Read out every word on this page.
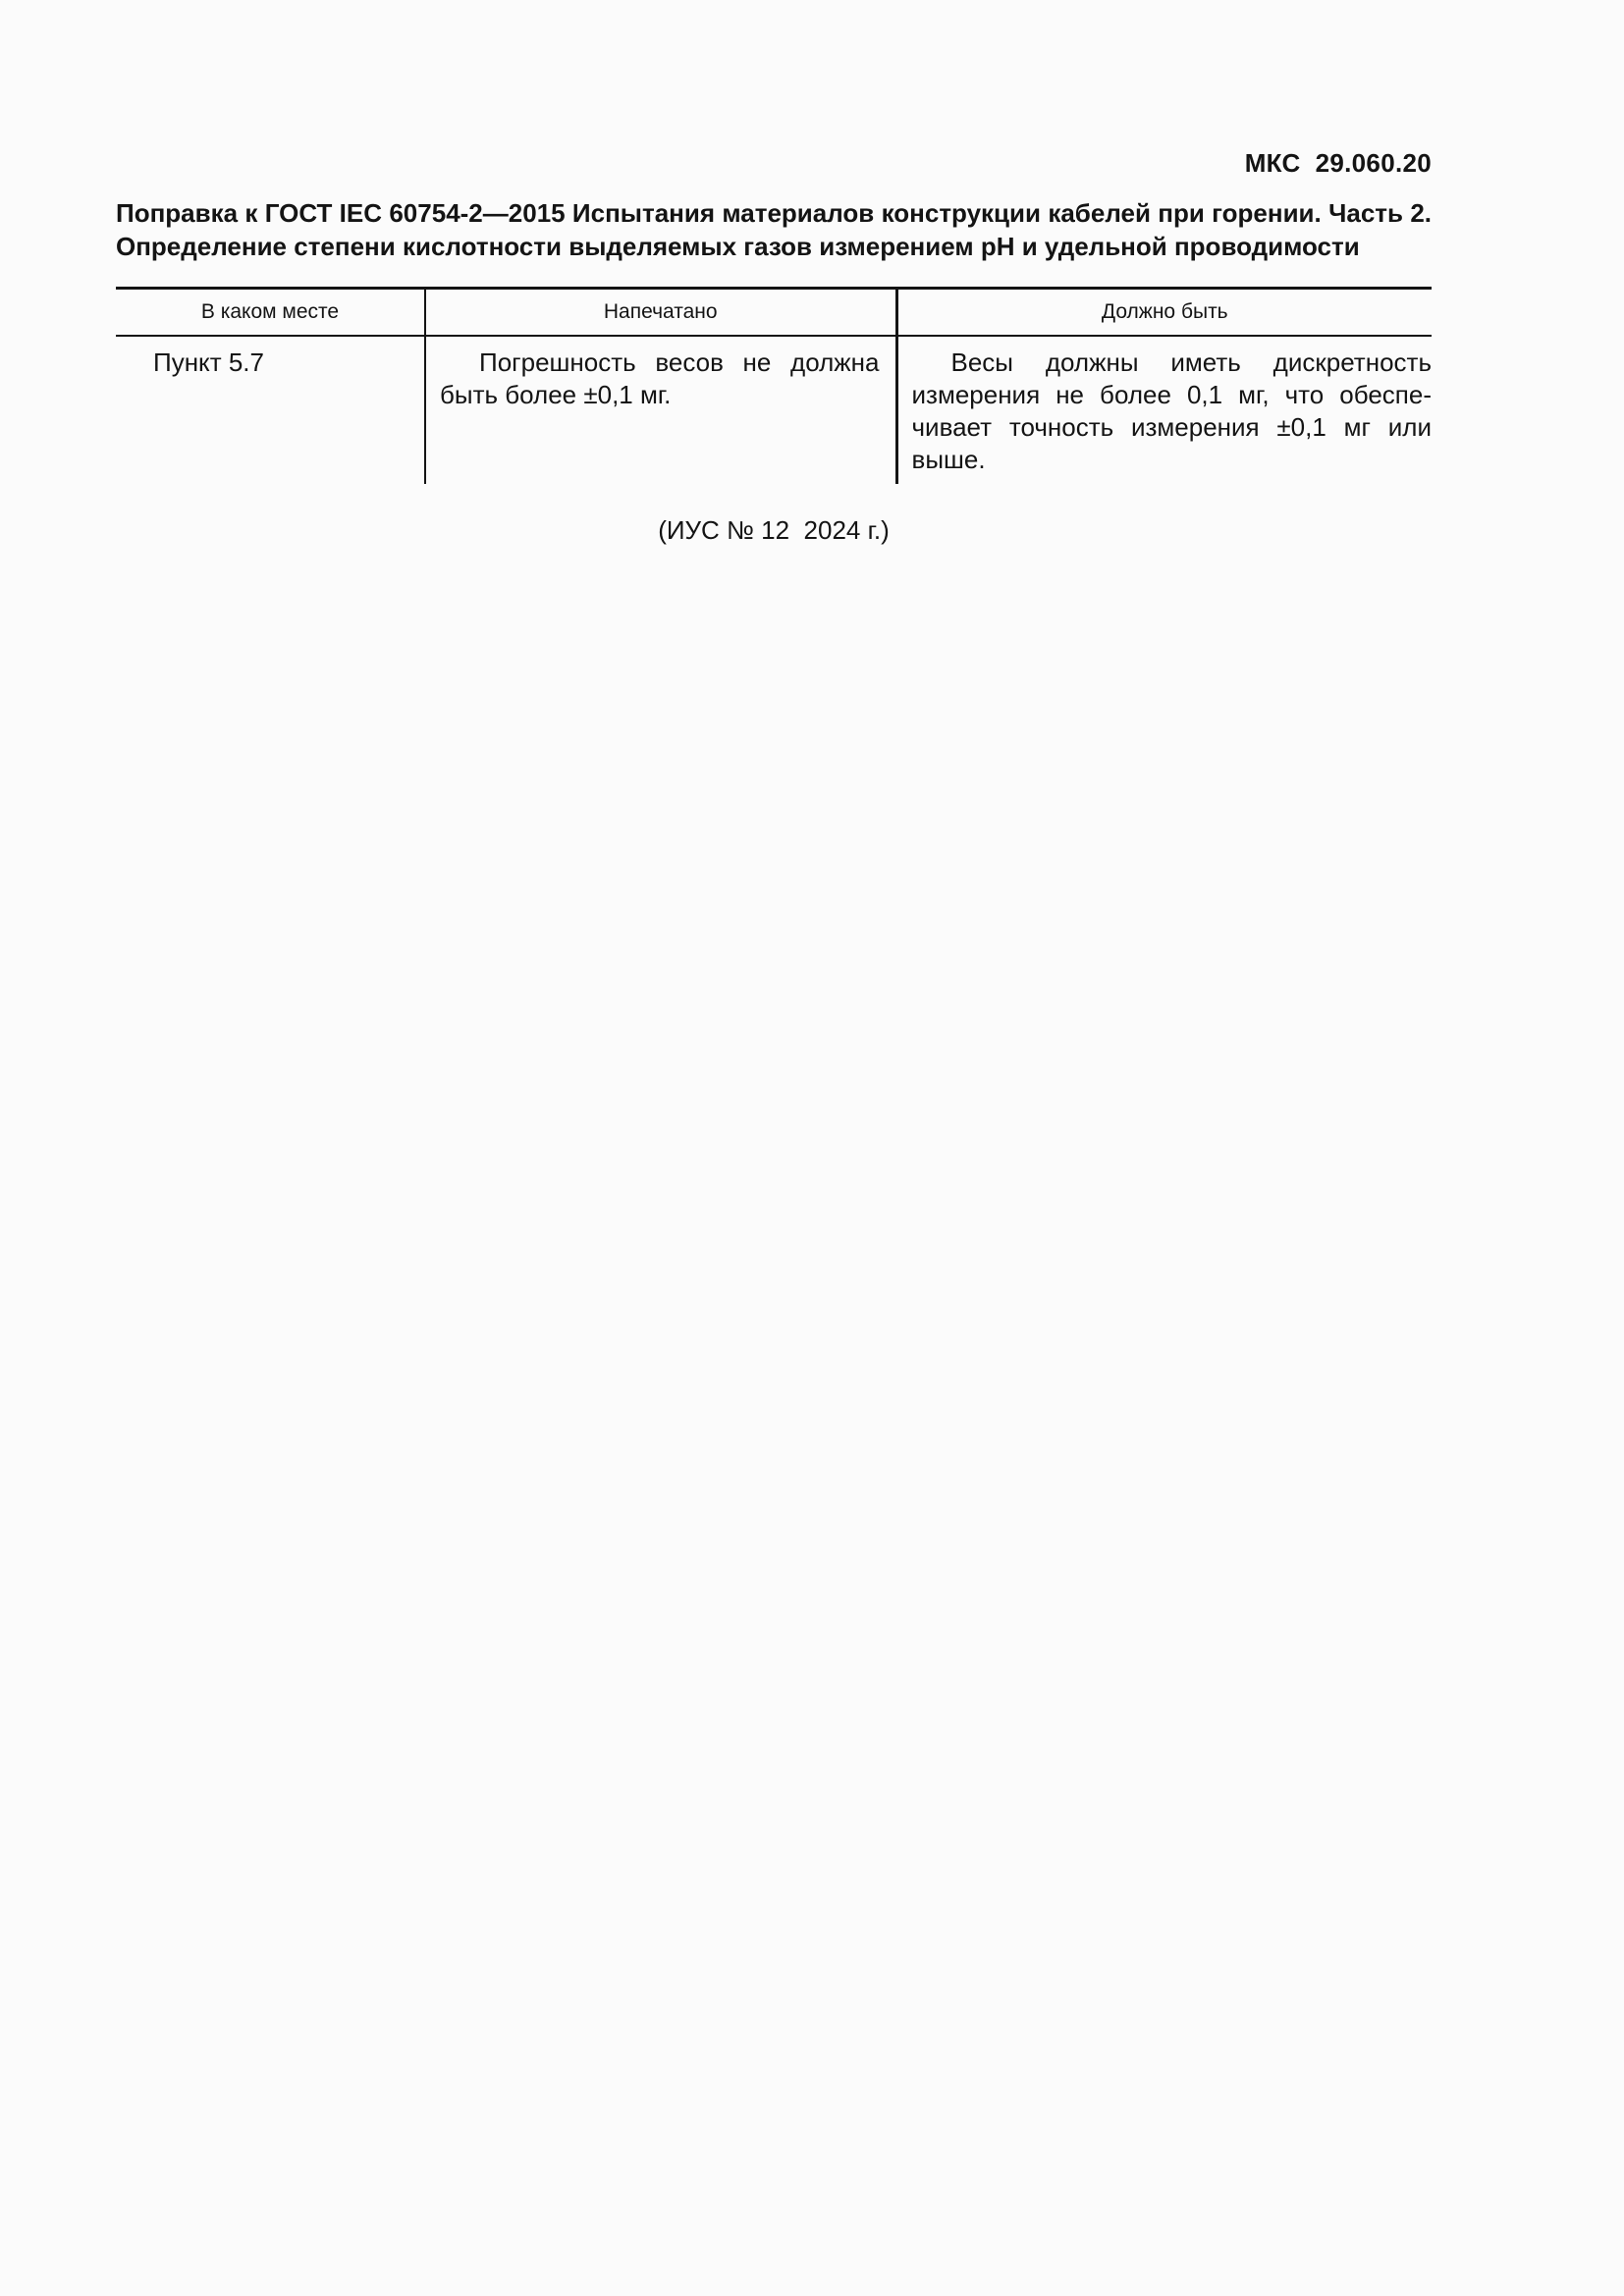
МКС  29.060.20
Поправка к ГОСТ IEC 60754-2—2015 Испытания материалов конструкции кабелей при горении. Часть 2. Определение степени кислотности выделяемых газов измерением pH и удельной проводимости
В каком месте	Напечатано	Должно быть
Пункт 5.7	Погрешность весов не должна быть более ±0,1 мг.	Весы должны иметь дискретность измерения не более 0,1 мг, что обеспечивает точность измерения ±0,1 мг или выше.
(ИУС № 12  2024 г.)
